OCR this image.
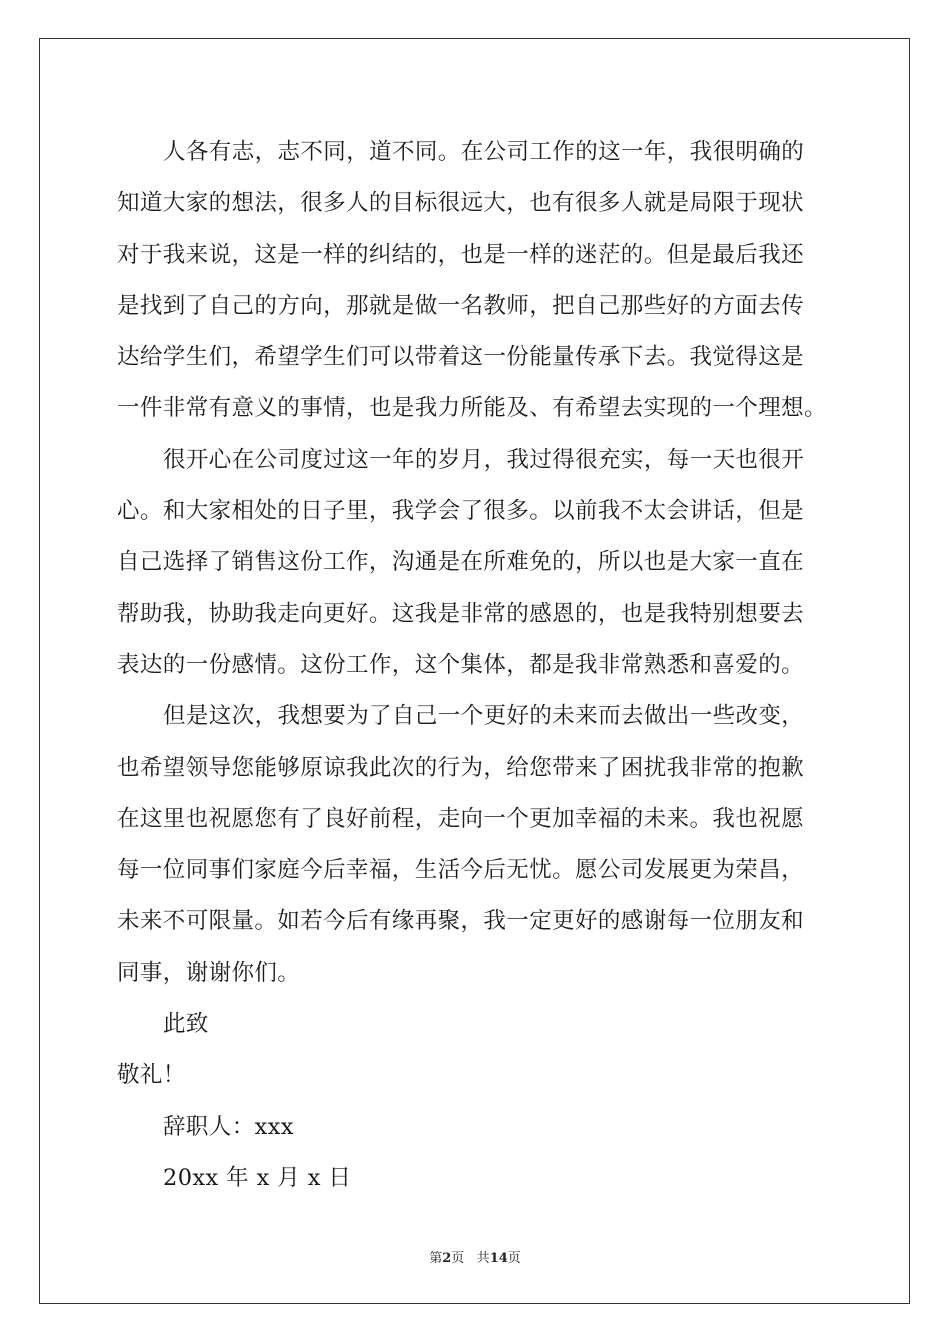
人各有志，志不同，道不同。在公司工作的这一年，我很明确的
知道大家的想法，很多人的目标很远大，也有很多人就是局限于现状
对于我来说，这是一样的纠结的，也是一样的迷茫的。但是最后我还
是找到了自己的方向，那就是做一名教师，把自己那些好的方面去传
达给学生们，希望学生们可以带着这一份能量传承下去。我觉得这是
一件非常有意义的事情，也是我力所能及、有希望去实现的一个理想。
很开心在公司度过这一年的岁月，我过得很充实，每一天也很开
心。和大家相处的日子里，我学会了很多。以前我不太会讲话，但是
自己选择了销售这份工作，沟通是在所难免的，所以也是大家一直在
帮助我，协助我走向更好。这我是非常的感恩的，也是我特别想要去
表达的一份感情。这份工作，这个集体，都是我非常熟悉和喜爱的。
但是这次，我想要为了自己一个更好的未来而去做出一些改变，
也希望领导您能够原谅我此次的行为，给您带来了困扰我非常的抱歉
在这里也祝愿您有了良好前程，走向一个更加幸福的未来。我也祝愿
每一位同事们家庭今后幸福，生活今后无忧。愿公司发展更为荣昌，
未来不可限量。如若今后有缘再聚，我一定更好的感谢每一位朋友和
同事，谢谢你们。
此致
敬礼！
辞职人：xxx
20xx 年 x 月 x 日
第2页 共14页
